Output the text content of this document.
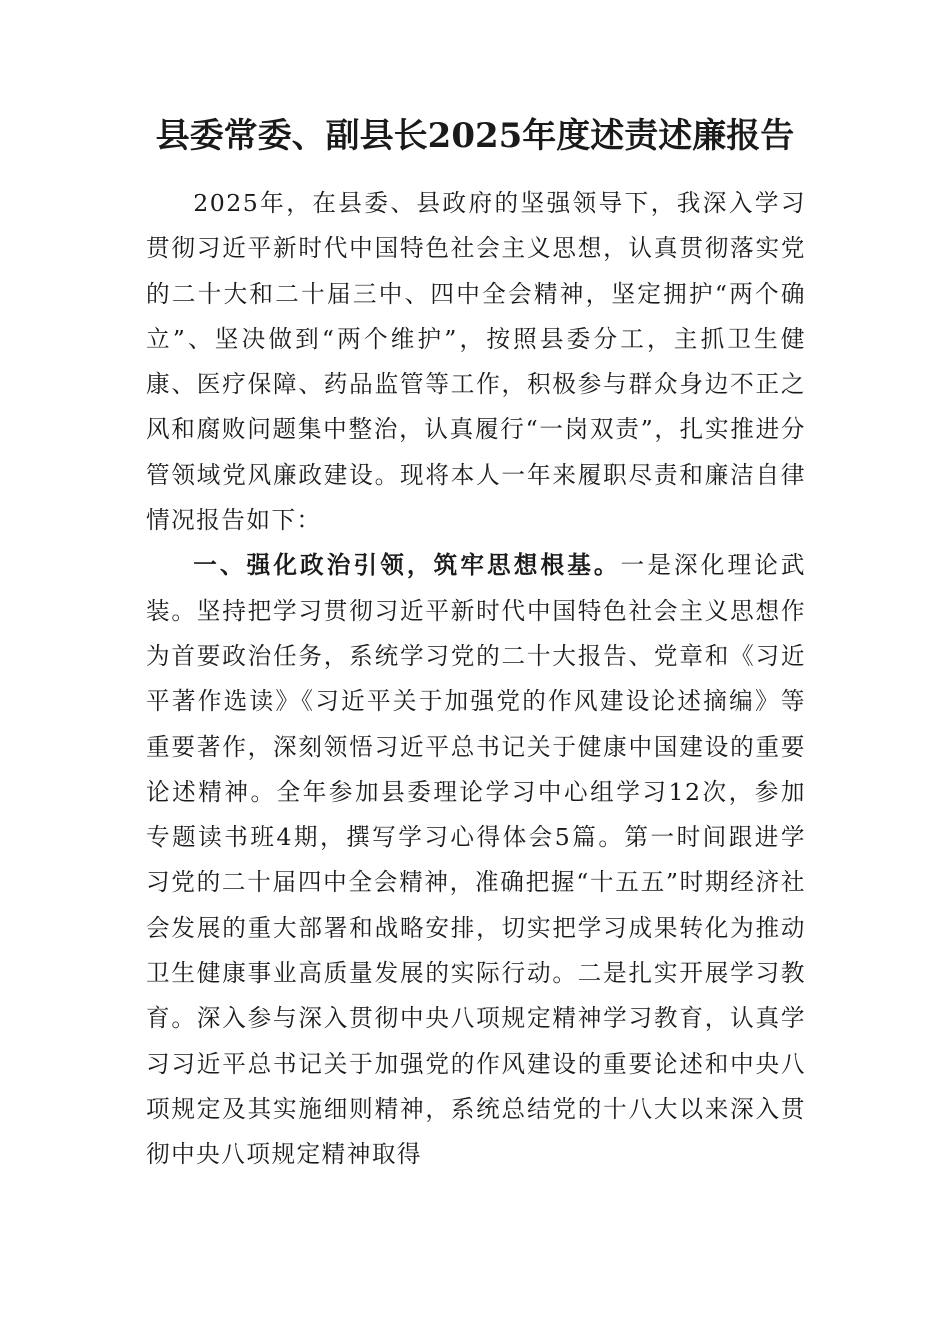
县委常委、副县长2025年度述责述廉报告

2025年，在县委、县政府的坚强领导下，我深入学习贯彻习近平新时代中国特色社会主义思想，认真贯彻落实党的二十大和二十届三中、四中全会精神，坚定拥护“两个确立”、坚决做到“两个维护”，按照县委分工，主抓卫生健康、医疗保障、药品监管等工作，积极参与群众身边不正之风和腐败问题集中整治，认真履行“一岗双责”，扎实推进分管领域党风廉政建设。现将本人一年来履职尽责和廉洁自律情况报告如下：

一、强化政治引领，筑牢思想根基。一是深化理论武装。坚持把学习贯彻习近平新时代中国特色社会主义思想作为首要政治任务，系统学习党的二十大报告、党章和《习近平著作选读》《习近平关于加强党的作风建设论述摘编》等重要著作，深刻领悟习近平总书记关于健康中国建设的重要论述精神。全年参加县委理论学习中心组学习12次，参加专题读书班4期，撰写学习心得体会5篇。第一时间跟进学习党的二十届四中全会精神，准确把握“十五五”时期经济社会发展的重大部署和战略安排，切实把学习成果转化为推动卫生健康事业高质量发展的实际行动。二是扎实开展学习教育。深入参与深入贯彻中央八项规定精神学习教育，认真学习习近平总书记关于加强党的作风建设的重要论述和中央八项规定及其实施细则精神，系统总结党的十八大以来深入贯彻中央八项规定精神取得
